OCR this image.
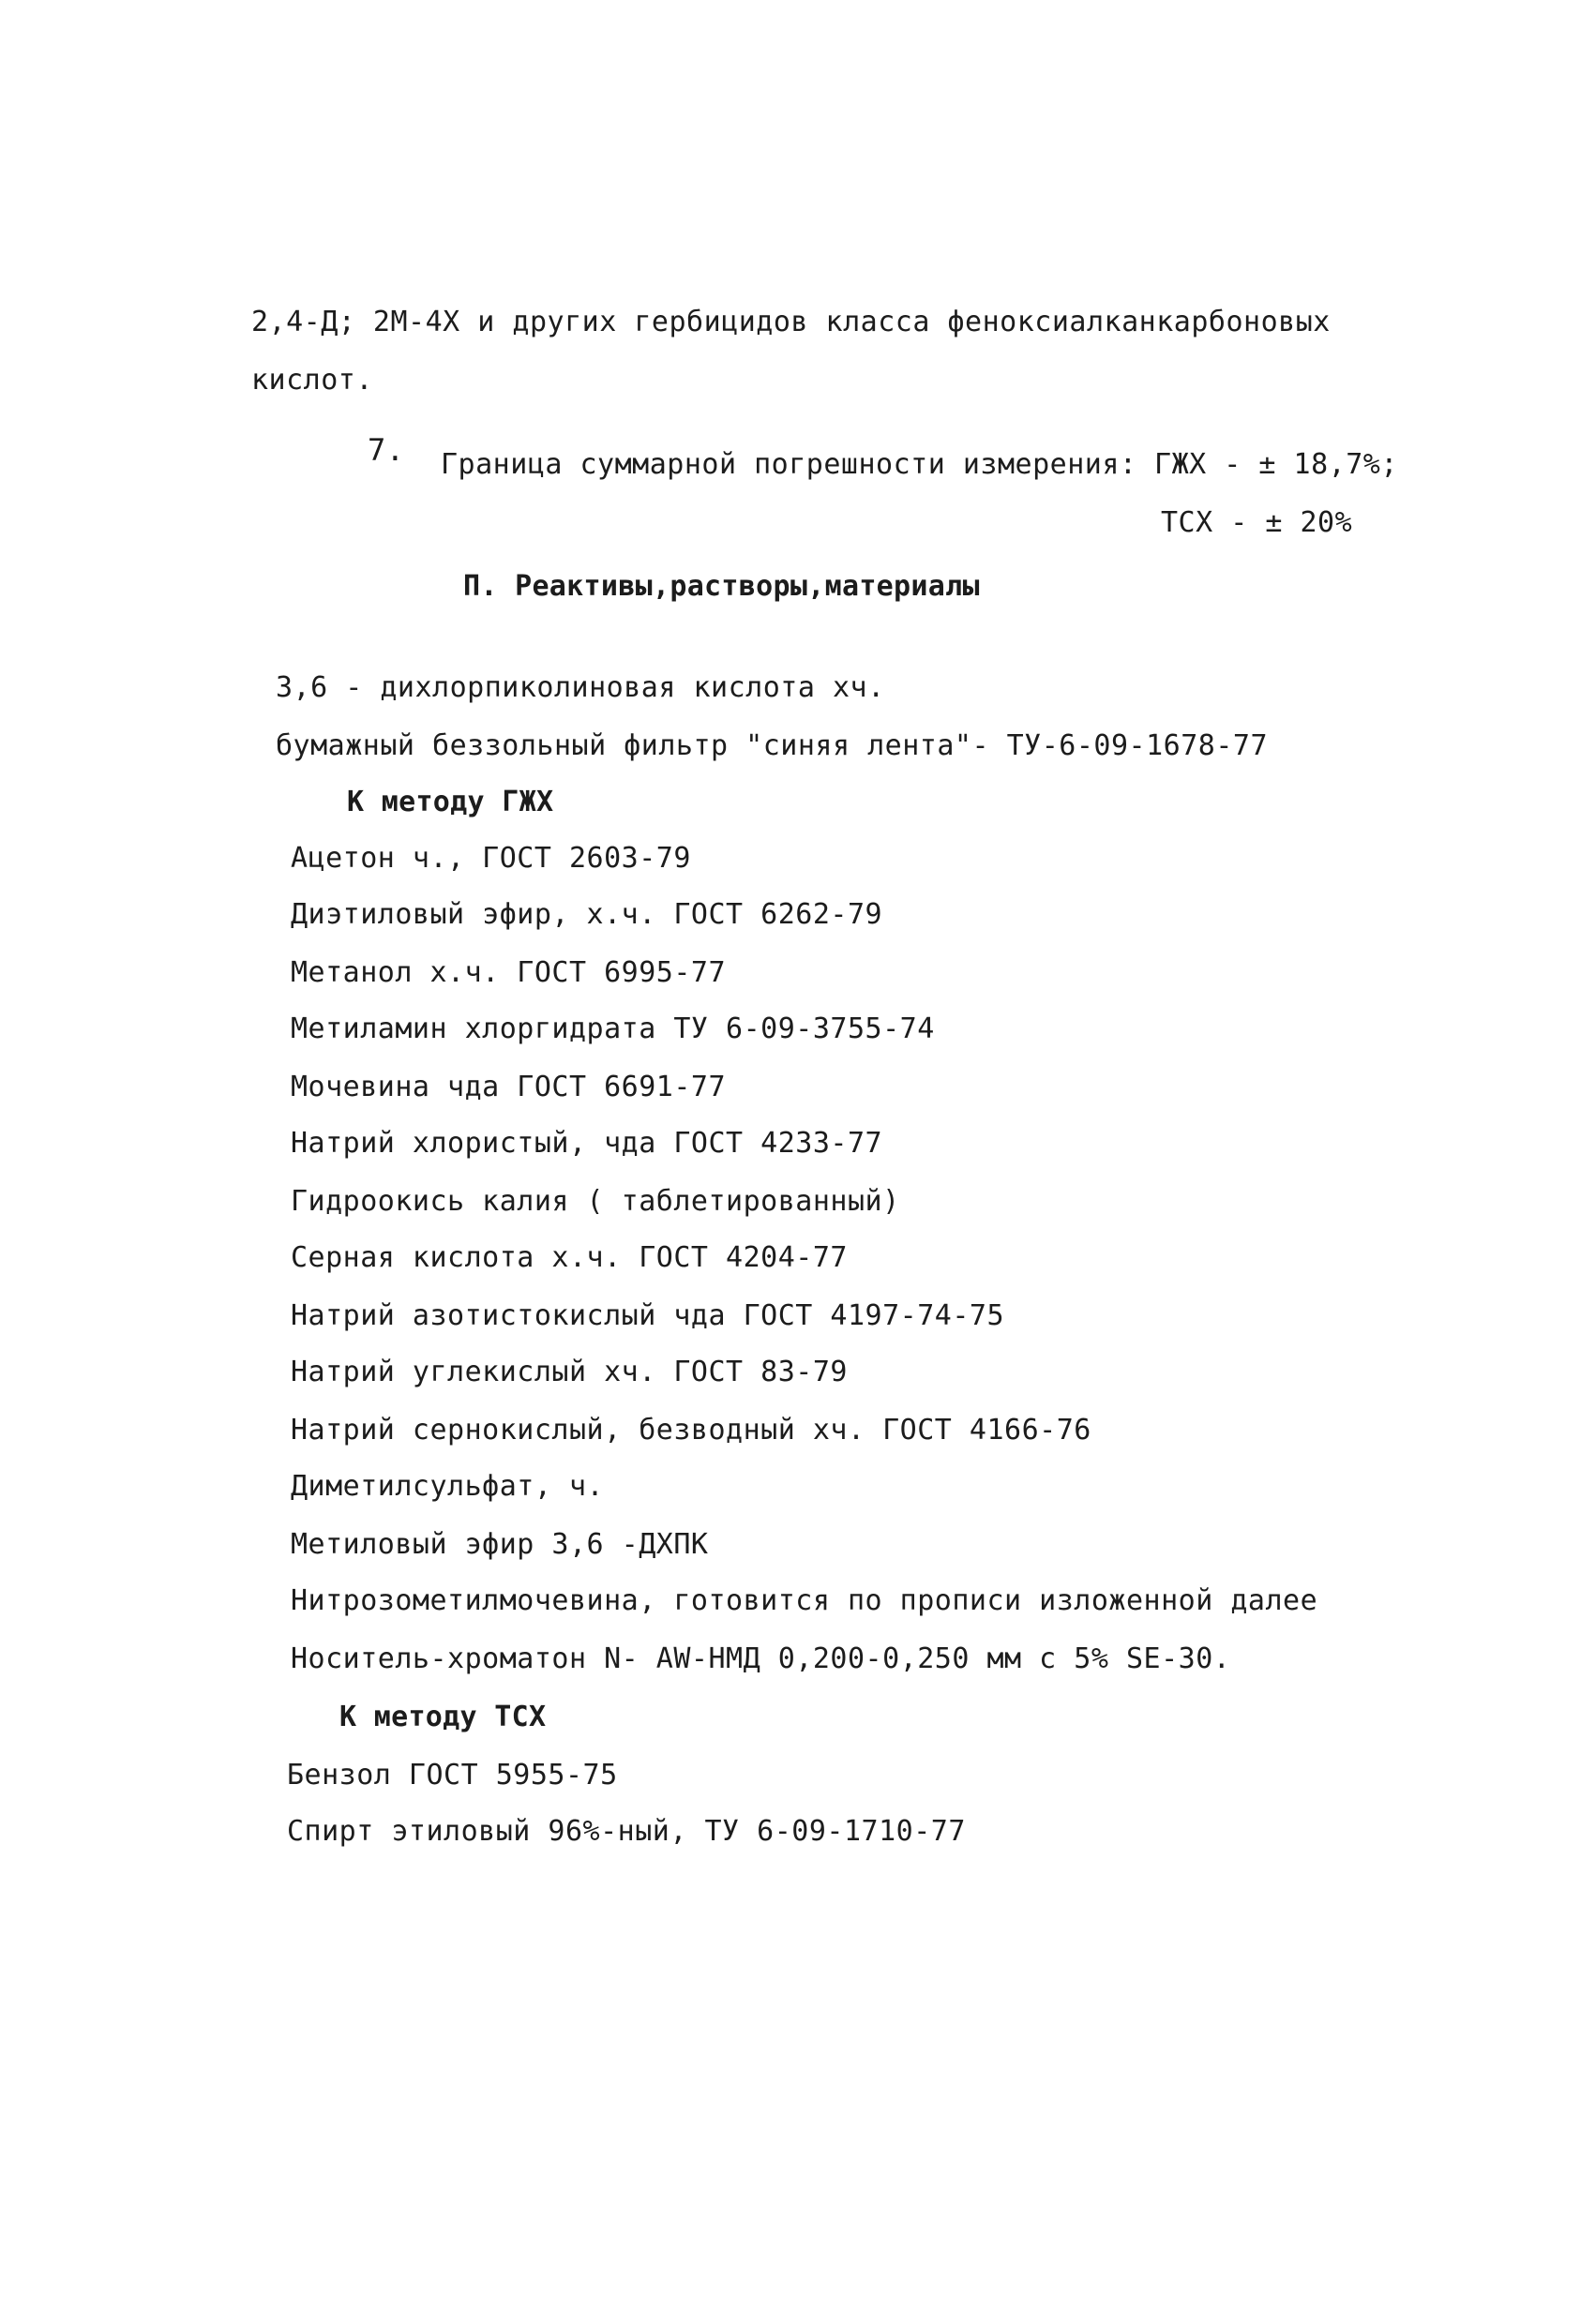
2,4-Д; 2М-4Х и других гербицидов класса феноксиалканкарбоновых
кислот.
7. Граница суммарной погрешности измерения: ГЖХ - ± 18,7%;
ТСХ - ± 20%
П. Реактивы,растворы,материалы
3,6 - дихлорпиколиновая кислота хч.
бумажный беззольный фильтр "синяя лента"- ТУ-6-09-1678-77
К методу ГЖХ
Ацетон ч., ГОСТ 2603-79
Диэтиловый эфир, х.ч. ГОСТ 6262-79
Метанол х.ч. ГОСТ 6995-77
Метиламин хлоргидрата ТУ 6-09-3755-74
Мочевина чда ГОСТ 6691-77
Натрий хлористый, чда ГОСТ 4233-77
Гидроокись калия ( таблетированный)
Серная кислота х.ч. ГОСТ 4204-77
Натрий азотистокислый чда ГОСТ 4197-74-75
Натрий углекислый хч. ГОСТ 83-79
Натрий сернокислый, безводный хч. ГОСТ 4166-76
Диметилсульфат, ч.
Метиловый эфир 3,6 -ДХПК
Нитрозометилмочевина, готовится по прописи изложенной далее
Носитель-хроматон N- AW-HMД 0,200-0,250 мм с 5% SE-30.
К методу ТСХ
Бензол ГОСТ 5955-75
Спирт этиловый 96%-ный, ТУ 6-09-1710-77
